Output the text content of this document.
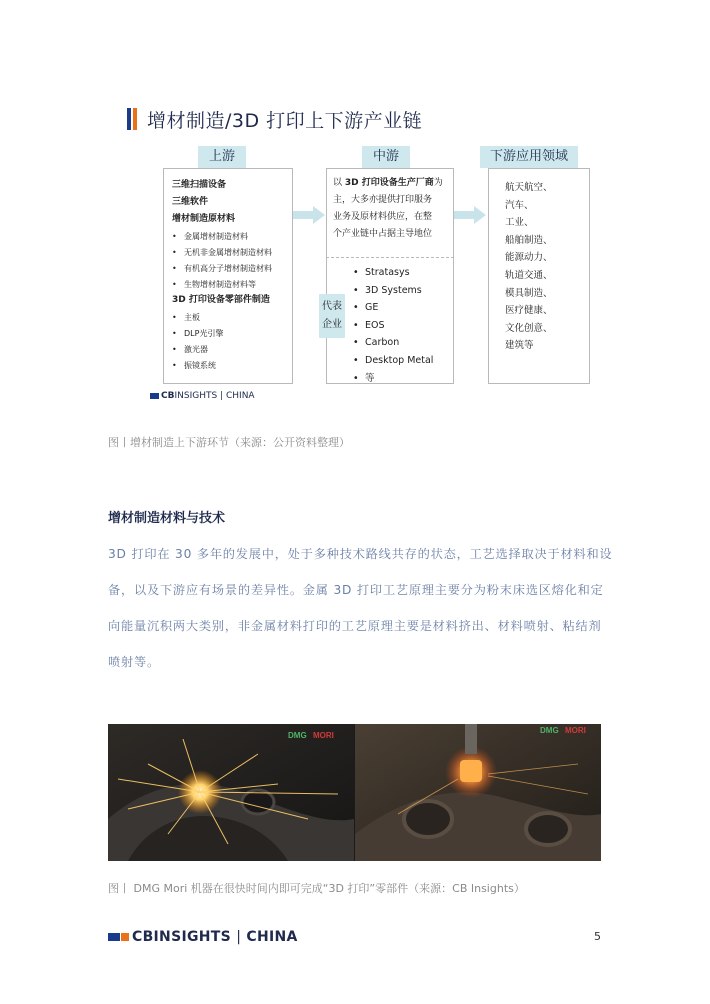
增材制造/3D 打印上下游产业链
上游
三维扫描设备
三维软件
增材制造原材料
• 金属增材制造材料
• 无机非金属增材制造材料
• 有机高分子增材制造材料
• 生物增材制造材料等
3D 打印设备零部件制造
• 主板
• DLP光引擎
• 激光器
• 振镜系统
中游
以 3D 打印设备生产厂商为
主，大多亦提供打印服务
业务及原材料供应，在整
个产业链中占据主导地位
代表企业
• Stratasys
• 3D Systems
• GE
• EOS
• Carbon
• Desktop Metal
• 等
下游应用领域
航天航空、
汽车、
工业、
船舶制造、
能源动力、
轨道交通、
模具制造、
医疗健康、
文化创意、
建筑等
CBINSIGHTS | CHINA
图丨增材制造上下游环节（来源：公开资料整理）
增材制造材料与技术
3D 打印在 30 多年的发展中，处于多种技术路线共存的状态，工艺选择取决于材料和设
备，以及下游应有场景的差异性。金属 3D 打印工艺原理主要分为粉末床选区熔化和定
向能量沉积两大类别，非金属材料打印的工艺原理主要是材料挤出、材料喷射、粘结剂
喷射等。
DMG MORI
DMG MORI
图丨 DMG Mori 机器在很快时间内即可完成“3D 打印”零部件（来源：CB Insights）
CBINSIGHTS | CHINA	5
